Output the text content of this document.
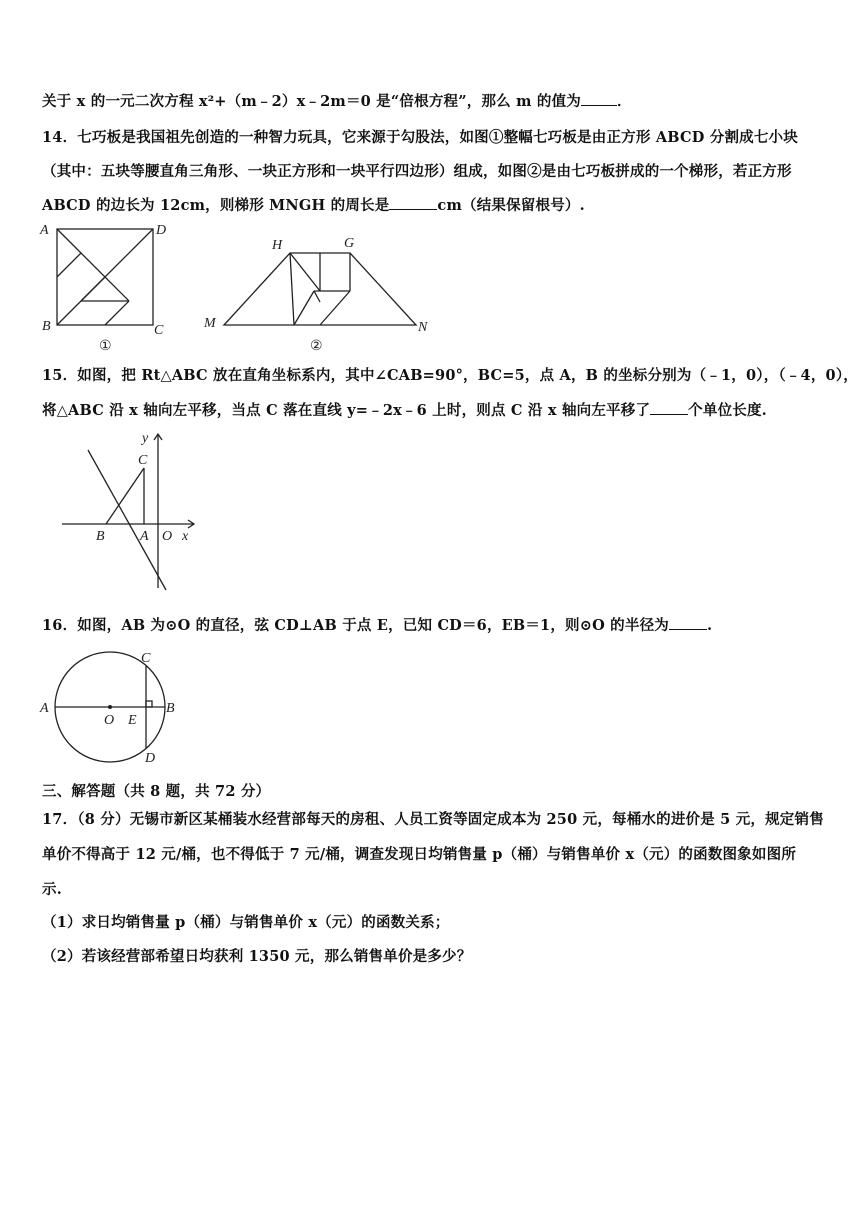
关于 x 的一元二次方程 x²+（m﹣2）x﹣2m＝0 是“倍根方程”，那么 m 的值为 ．
14．七巧板是我国祖先创造的一种智力玩具，它来源于勾股法，如图①整幅七巧板是由正方形 ABCD 分割成七小块
（其中：五块等腰直角三角形、一块正方形和一块平行四边形）组成，如图②是由七巧板拼成的一个梯形，若正方形
ABCD 的边长为 12cm，则梯形 MNGH 的周长是	cm（结果保留根号）.
A	D
B	C
①
H	G
M	N
②
15．如图，把 Rt△ABC 放在直角坐标系内，其中∠CAB=90°，BC=5，点 A，B 的坐标分别为（﹣1，0），（﹣4，0），
将△ABC 沿 x 轴向左平移，当点 C 落在直线 y=﹣2x﹣6 上时，则点 C 沿 x 轴向左平移了	个单位长度.
y
x
C
B	A O
16．如图，AB 为⊙O 的直径，弦 CD⊥AB 于点 E，已知 CD＝6，EB＝1，则⊙O 的半径为	.
A	B
C
D
O E
三、解答题（共 8 题，共 72 分）
17．（8 分）无锡市新区某桶装水经营部每天的房租、人员工资等固定成本为 250 元，每桶水的进价是 5 元，规定销售
单价不得高于 12 元/桶，也不得低于 7 元/桶，调查发现日均销售量 p（桶）与销售单价 x（元）的函数图象如图所
示.
（1）求日均销售量 p（桶）与销售单价 x（元）的函数关系；
（2）若该经营部希望日均获利 1350 元，那么销售单价是多少？
